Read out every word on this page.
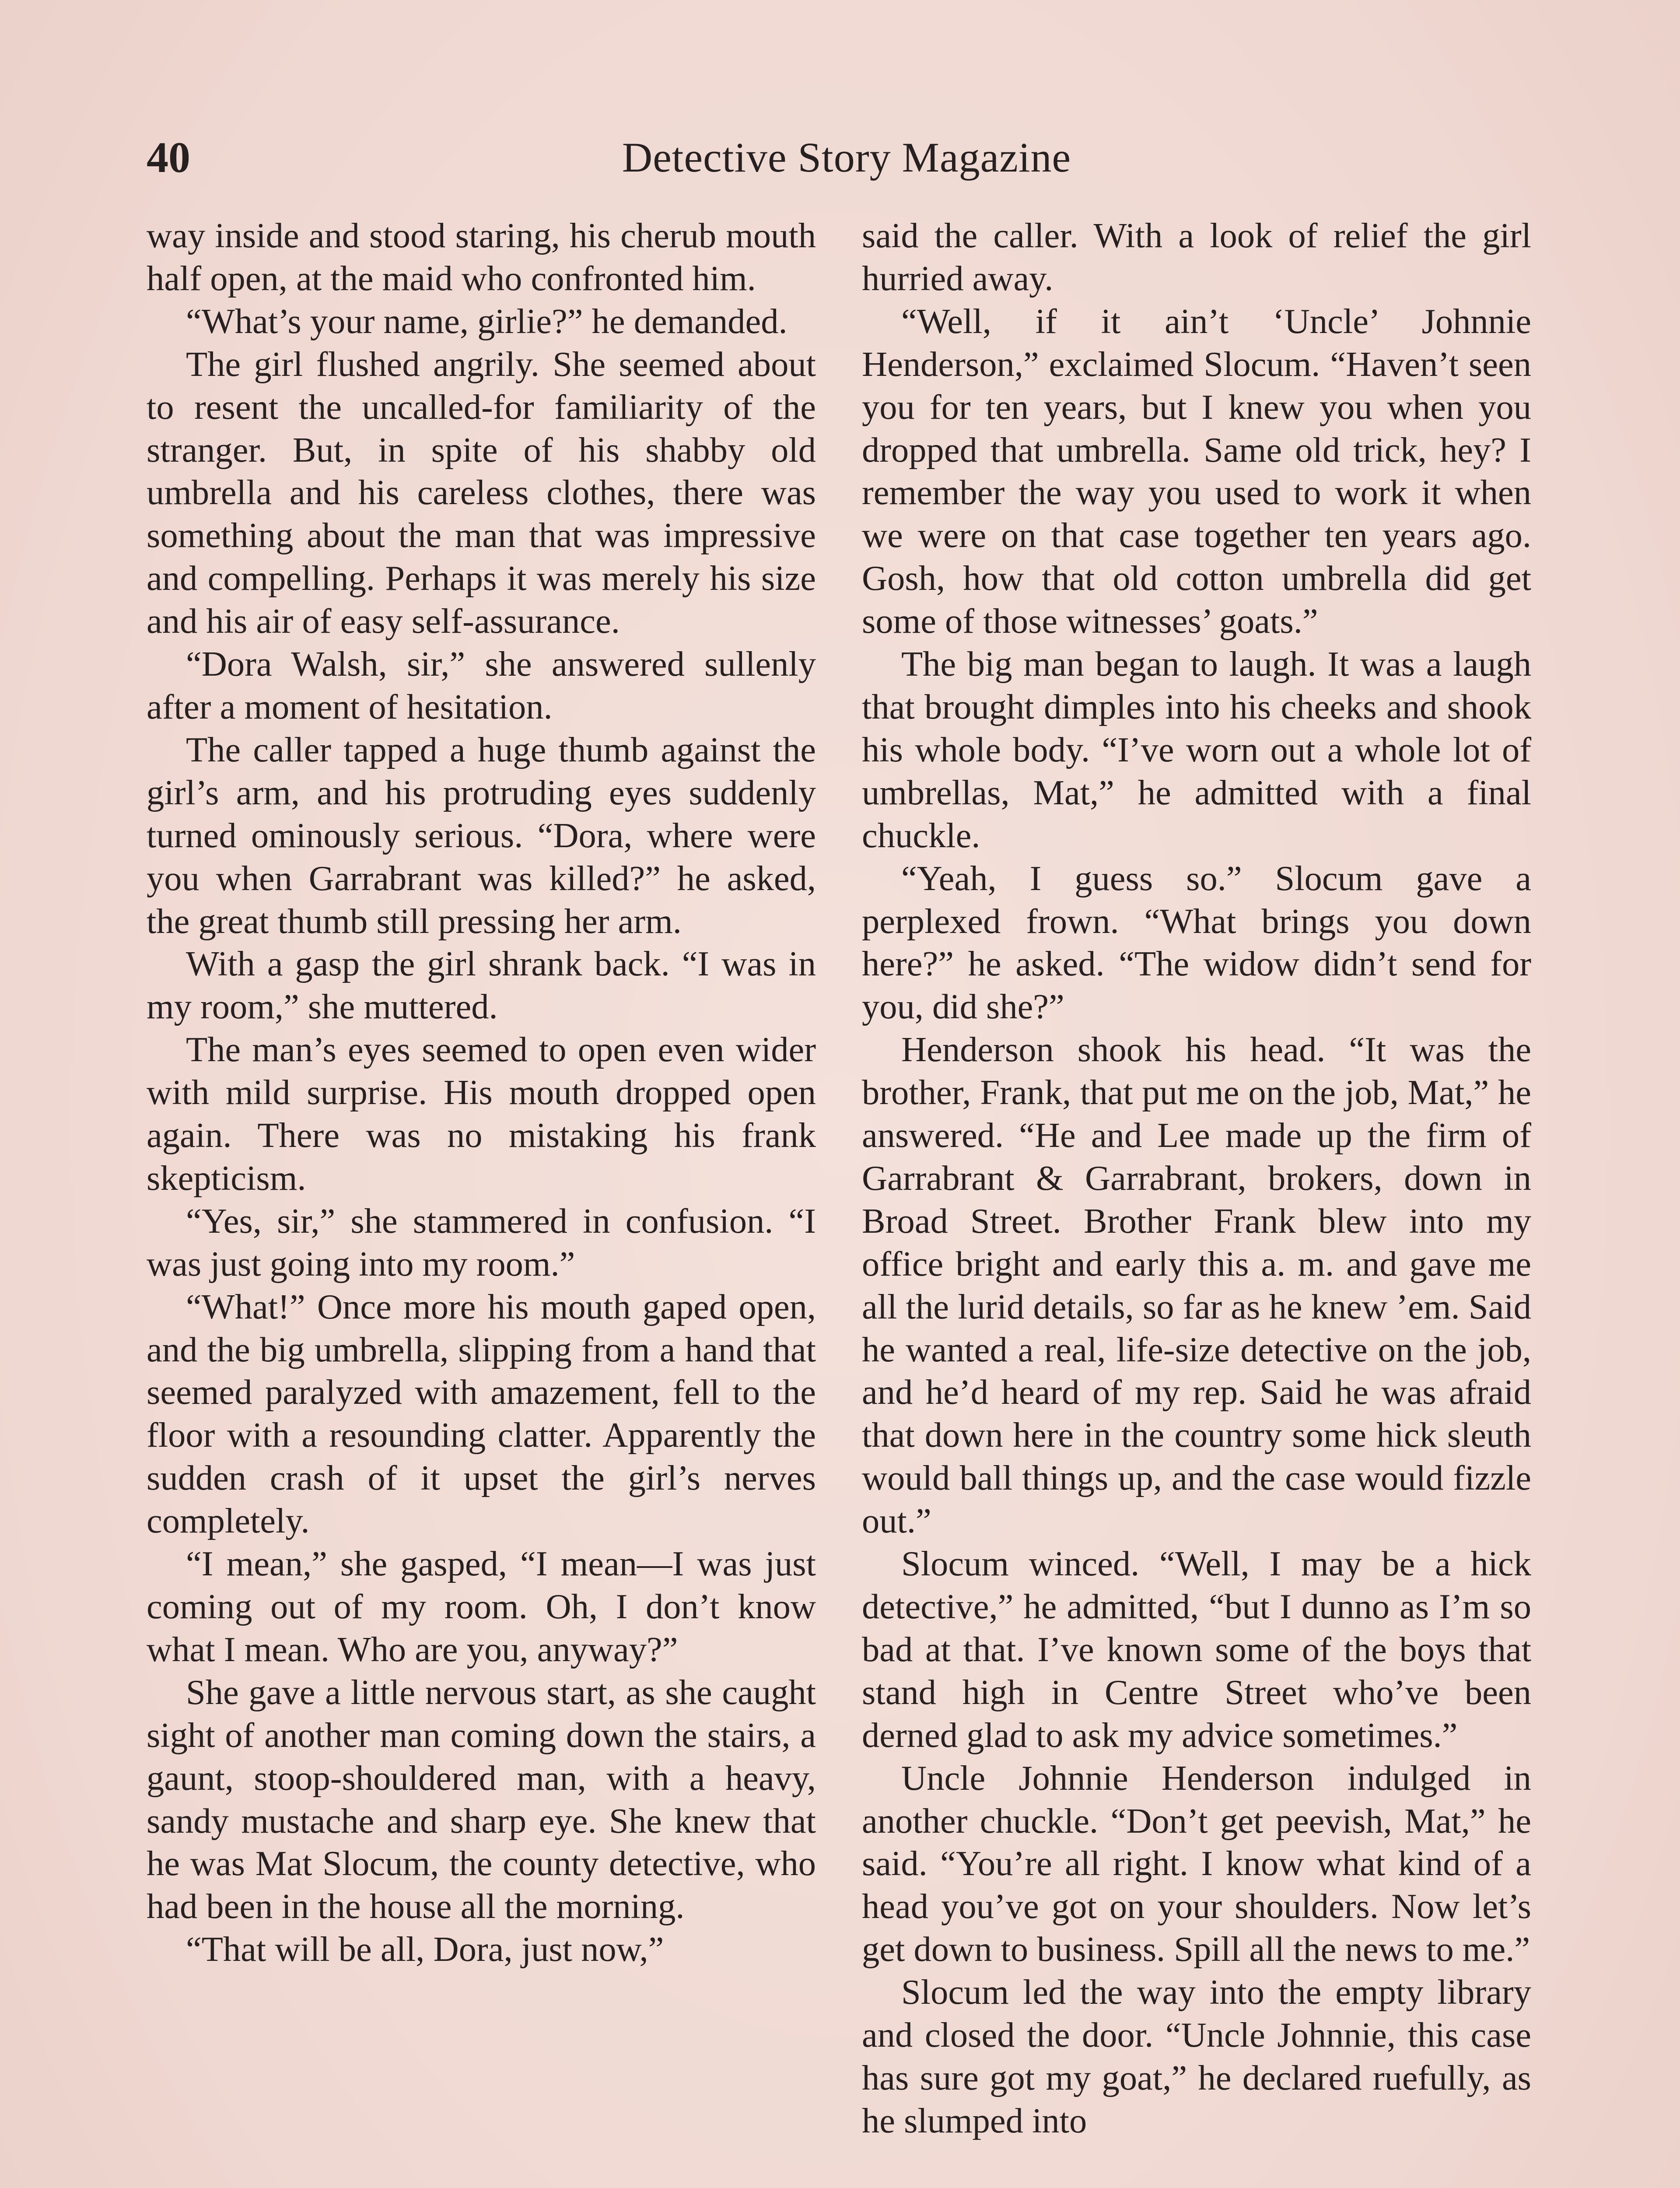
40	Detective Story Magazine

way inside and stood staring, his cherub mouth half open, at the maid who confronted him.

“What’s your name, girlie?” he demanded.

The girl flushed angrily. She seemed about to resent the uncalled-for familiarity of the stranger. But, in spite of his shabby old umbrella and his careless clothes, there was something about the man that was impressive and compelling. Perhaps it was merely his size and his air of easy self-assurance.

“Dora Walsh, sir,” she answered sullenly after a moment of hesitation.

The caller tapped a huge thumb against the girl’s arm, and his protruding eyes suddenly turned ominously serious. “Dora, where were you when Garrabrant was killed?” he asked, the great thumb still pressing her arm.

With a gasp the girl shrank back. “I was in my room,” she muttered.

The man’s eyes seemed to open even wider with mild surprise. His mouth dropped open again. There was no mistaking his frank skepticism.

“Yes, sir,” she stammered in confusion. “I was just going into my room.”

“What!” Once more his mouth gaped open, and the big umbrella, slipping from a hand that seemed paralyzed with amazement, fell to the floor with a resounding clatter. Apparently the sudden crash of it upset the girl’s nerves completely.

“I mean,” she gasped, “I mean—I was just coming out of my room. Oh, I don’t know what I mean. Who are you, anyway?”

She gave a little nervous start, as she caught sight of another man coming down the stairs, a gaunt, stoop-shouldered man, with a heavy, sandy mustache and sharp eye. She knew that he was Mat Slocum, the county detective, who had been in the house all the morning.

“That will be all, Dora, just now,”

said the caller. With a look of relief the girl hurried away.

“Well, if it ain’t ‘Uncle’ Johnnie Henderson,” exclaimed Slocum. “Haven’t seen you for ten years, but I knew you when you dropped that umbrella. Same old trick, hey? I remember the way you used to work it when we were on that case together ten years ago. Gosh, how that old cotton umbrella did get some of those witnesses’ goats.”

The big man began to laugh. It was a laugh that brought dimples into his cheeks and shook his whole body. “I’ve worn out a whole lot of umbrellas, Mat,” he admitted with a final chuckle.

“Yeah, I guess so.” Slocum gave a perplexed frown. “What brings you down here?” he asked. “The widow didn’t send for you, did she?”

Henderson shook his head. “It was the brother, Frank, that put me on the job, Mat,” he answered. “He and Lee made up the firm of Garrabrant & Garrabrant, brokers, down in Broad Street. Brother Frank blew into my office bright and early this a. m. and gave me all the lurid details, so far as he knew ’em. Said he wanted a real, life-size detective on the job, and he’d heard of my rep. Said he was afraid that down here in the country some hick sleuth would ball things up, and the case would fizzle out.”

Slocum winced. “Well, I may be a hick detective,” he admitted, “but I dunno as I’m so bad at that. I’ve known some of the boys that stand high in Centre Street who’ve been derned glad to ask my advice sometimes.”

Uncle Johnnie Henderson indulged in another chuckle. “Don’t get peevish, Mat,” he said. “You’re all right. I know what kind of a head you’ve got on your shoulders. Now let’s get down to business. Spill all the news to me.”

Slocum led the way into the empty library and closed the door. “Uncle Johnnie, this case has sure got my goat,” he declared ruefully, as he slumped into
